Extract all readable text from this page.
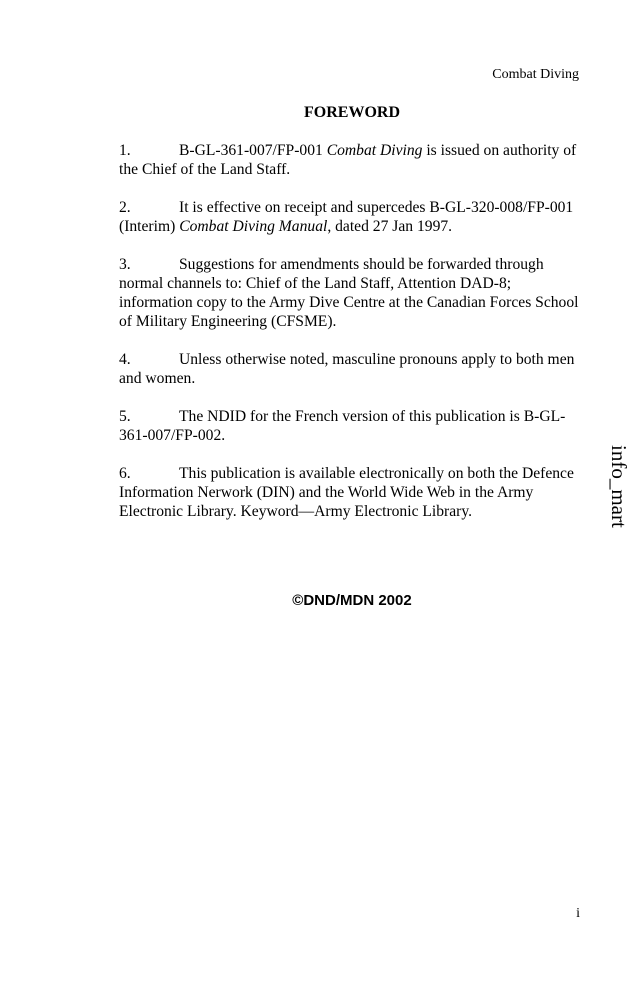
Combat Diving
FOREWORD

1.	B-GL-361-007/FP-001 Combat Diving is issued on authority of the Chief of the Land Staff.

2.	It is effective on receipt and supercedes B-GL-320-008/FP-001 (Interim) Combat Diving Manual, dated 27 Jan 1997.

3.	Suggestions for amendments should be forwarded through normal channels to: Chief of the Land Staff, Attention DAD-8; information copy to the Army Dive Centre at the Canadian Forces School of Military Engineering (CFSME).

4.	Unless otherwise noted, masculine pronouns apply to both men and women.

5.	The NDID for the French version of this publication is B-GL-361-007/FP-002.

6.	This publication is available electronically on both the Defence Information Nerwork (DIN) and the World Wide Web in the Army Electronic Library. Keyword—Army Electronic Library.

©DND/MDN 2002
info_mart
i
